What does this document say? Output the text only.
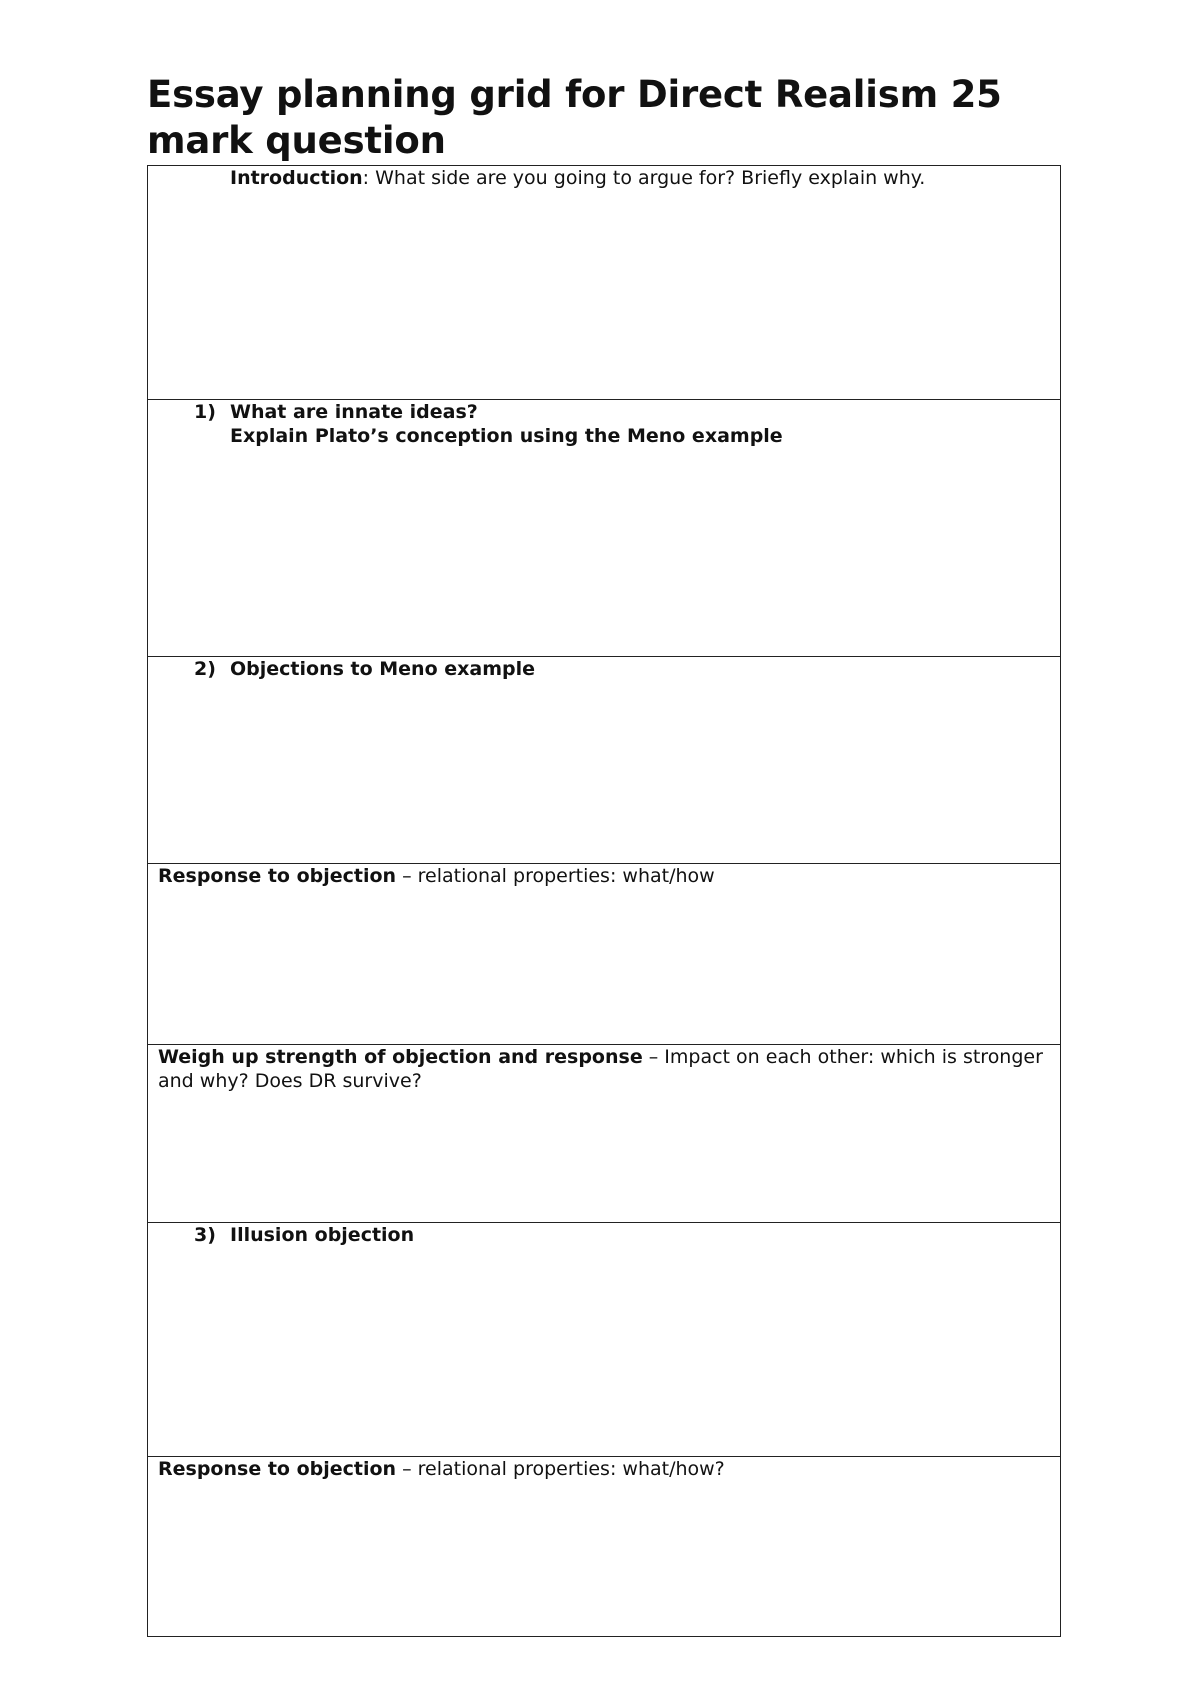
Essay planning grid for Direct Realism 25 mark question
Introduction: What side are you going to argue for? Briefly explain why.
1) What are innate ideas?
Explain Plato’s conception using the Meno example
2) Objections to Meno example
Response to objection – relational properties: what/how
Weigh up strength of objection and response – Impact on each other: which is stronger and why? Does DR survive?
3) Illusion objection
Response to objection – relational properties: what/how?
